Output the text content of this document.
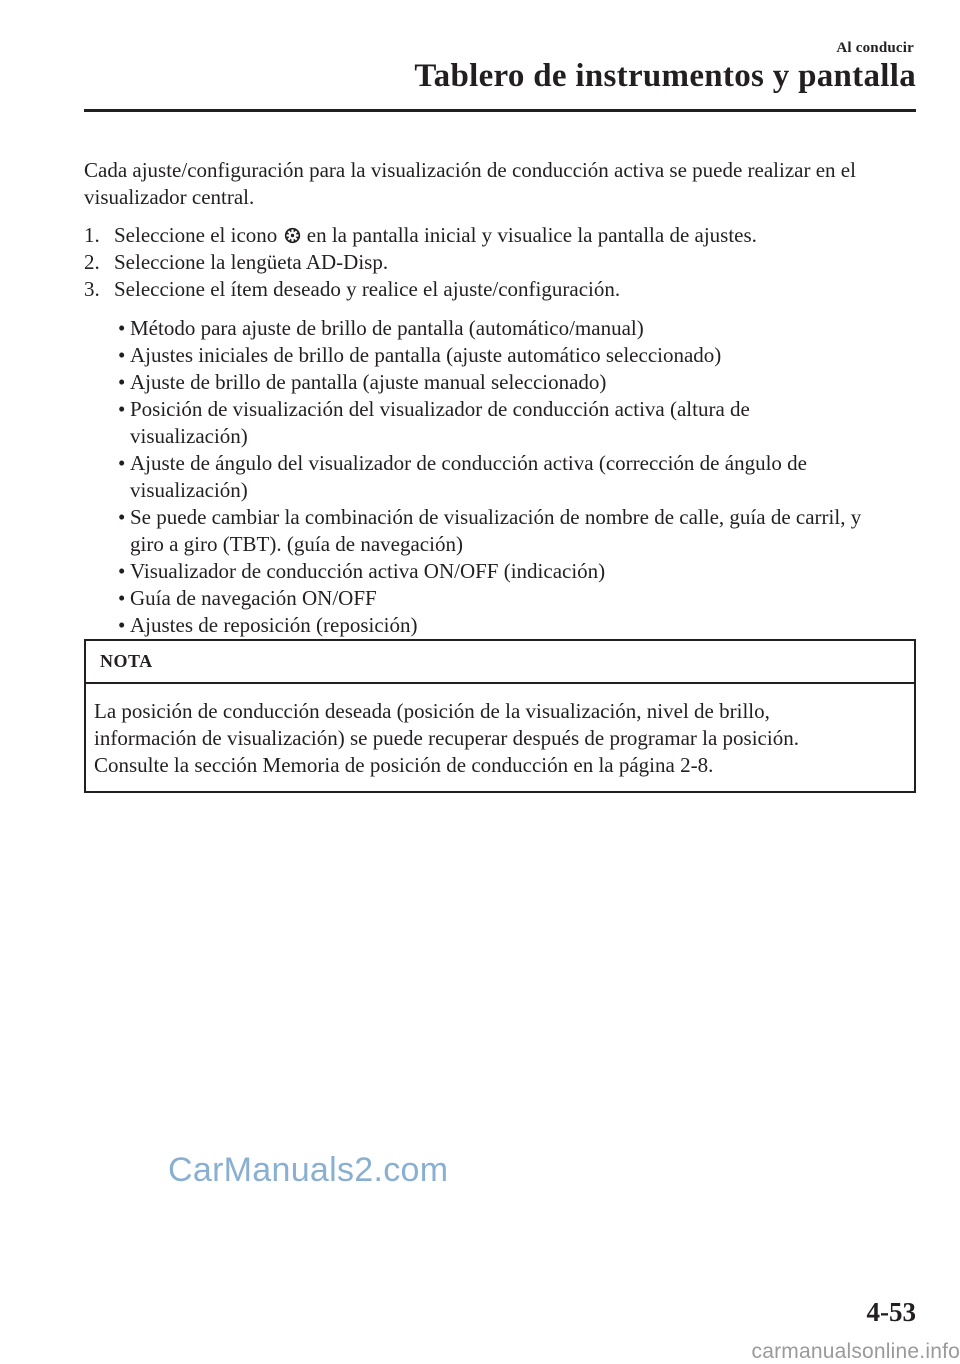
Al conducir
Tablero de instrumentos y pantalla

Cada ajuste/configuración para la visualización de conducción activa se puede realizar en el
visualizador central.

1. Seleccione el icono en la pantalla inicial y visualice la pantalla de ajustes.
2. Seleccione la lengüeta AD-Disp.
3. Seleccione el ítem deseado y realice el ajuste/configuración.
• Método para ajuste de brillo de pantalla (automático/manual)
• Ajustes iniciales de brillo de pantalla (ajuste automático seleccionado)
• Ajuste de brillo de pantalla (ajuste manual seleccionado)
• Posición de visualización del visualizador de conducción activa (altura de
visualización)
• Ajuste de ángulo del visualizador de conducción activa (corrección de ángulo de
visualización)
• Se puede cambiar la combinación de visualización de nombre de calle, guía de carril, y
giro a giro (TBT). (guía de navegación)
• Visualizador de conducción activa ON/OFF (indicación)
• Guía de navegación ON/OFF
• Ajustes de reposición (reposición)
NOTA
La posición de conducción deseada (posición de la visualización, nivel de brillo,
información de visualización) se puede recuperar después de programar la posición.
Consulte la sección Memoria de posición de conducción en la página 2-8.
CarManuals2.com
4-53
carmanualsonline.info
